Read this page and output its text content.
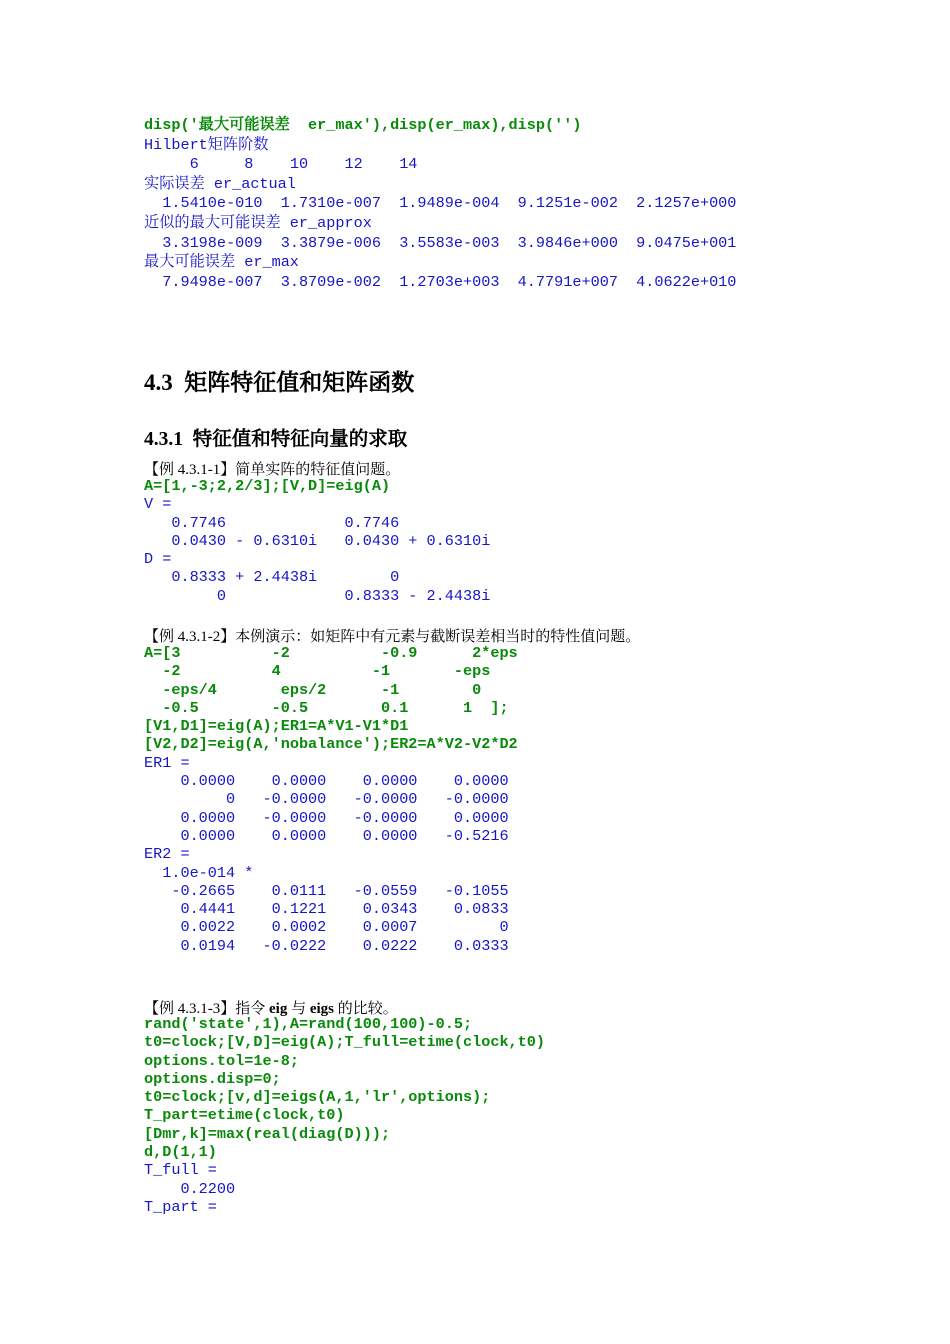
disp('最大可能误差  er_max'),disp(er_max),disp('')
Hilbert矩阵阶数
6     8    10    12    14
实际误差 er_actual
1.5410e-010  1.7310e-007  1.9489e-004  9.1251e-002  2.1257e+000
近似的最大可能误差 er_approx
3.3198e-009  3.3879e-006  3.5583e-003  3.9846e+000  9.0475e+001
最大可能误差 er_max
7.9498e-007  3.8709e-002  1.2703e+003  4.7791e+007  4.0622e+010
4.3 矩阵特征值和矩阵函数
4.3.1 特征值和特征向量的求取

【例 4.3.1-1】简单实阵的特征值问题。

A=[1,-3;2,2/3];[V,D]=eig(A)
V =
0.7746             0.7746
0.0430 - 0.6310i   0.0430 + 0.6310i
D =
0.8333 + 2.4438i        0
0             0.8333 - 2.4438i

【例 4.3.1-2】本例演示：如矩阵中有元素与截断误差相当时的特性值问题。

A=[3          -2          -0.9      2*eps
-2          4          -1       -eps
-eps/4       eps/2      -1        0
-0.5        -0.5        0.1      1  ];
[V1,D1]=eig(A);ER1=A*V1-V1*D1
[V2,D2]=eig(A,'nobalance');ER2=A*V2-V2*D2
ER1 =
0.0000    0.0000    0.0000    0.0000
0   -0.0000   -0.0000   -0.0000
0.0000   -0.0000   -0.0000    0.0000
0.0000    0.0000    0.0000   -0.5216
ER2 =
1.0e-014 *
-0.2665    0.0111   -0.0559   -0.1055
0.4441    0.1221    0.0343    0.0833
0.0022    0.0002    0.0007         0
0.0194   -0.0222    0.0222    0.0333

【例 4.3.1-3】指令 eig 与 eigs 的比较。

rand('state',1),A=rand(100,100)-0.5;
t0=clock;[V,D]=eig(A);T_full=etime(clock,t0)
options.tol=1e-8;
options.disp=0;
t0=clock;[v,d]=eigs(A,1,'lr',options);
T_part=etime(clock,t0)
[Dmr,k]=max(real(diag(D)));
d,D(1,1)
T_full =
0.2200
T_part =
